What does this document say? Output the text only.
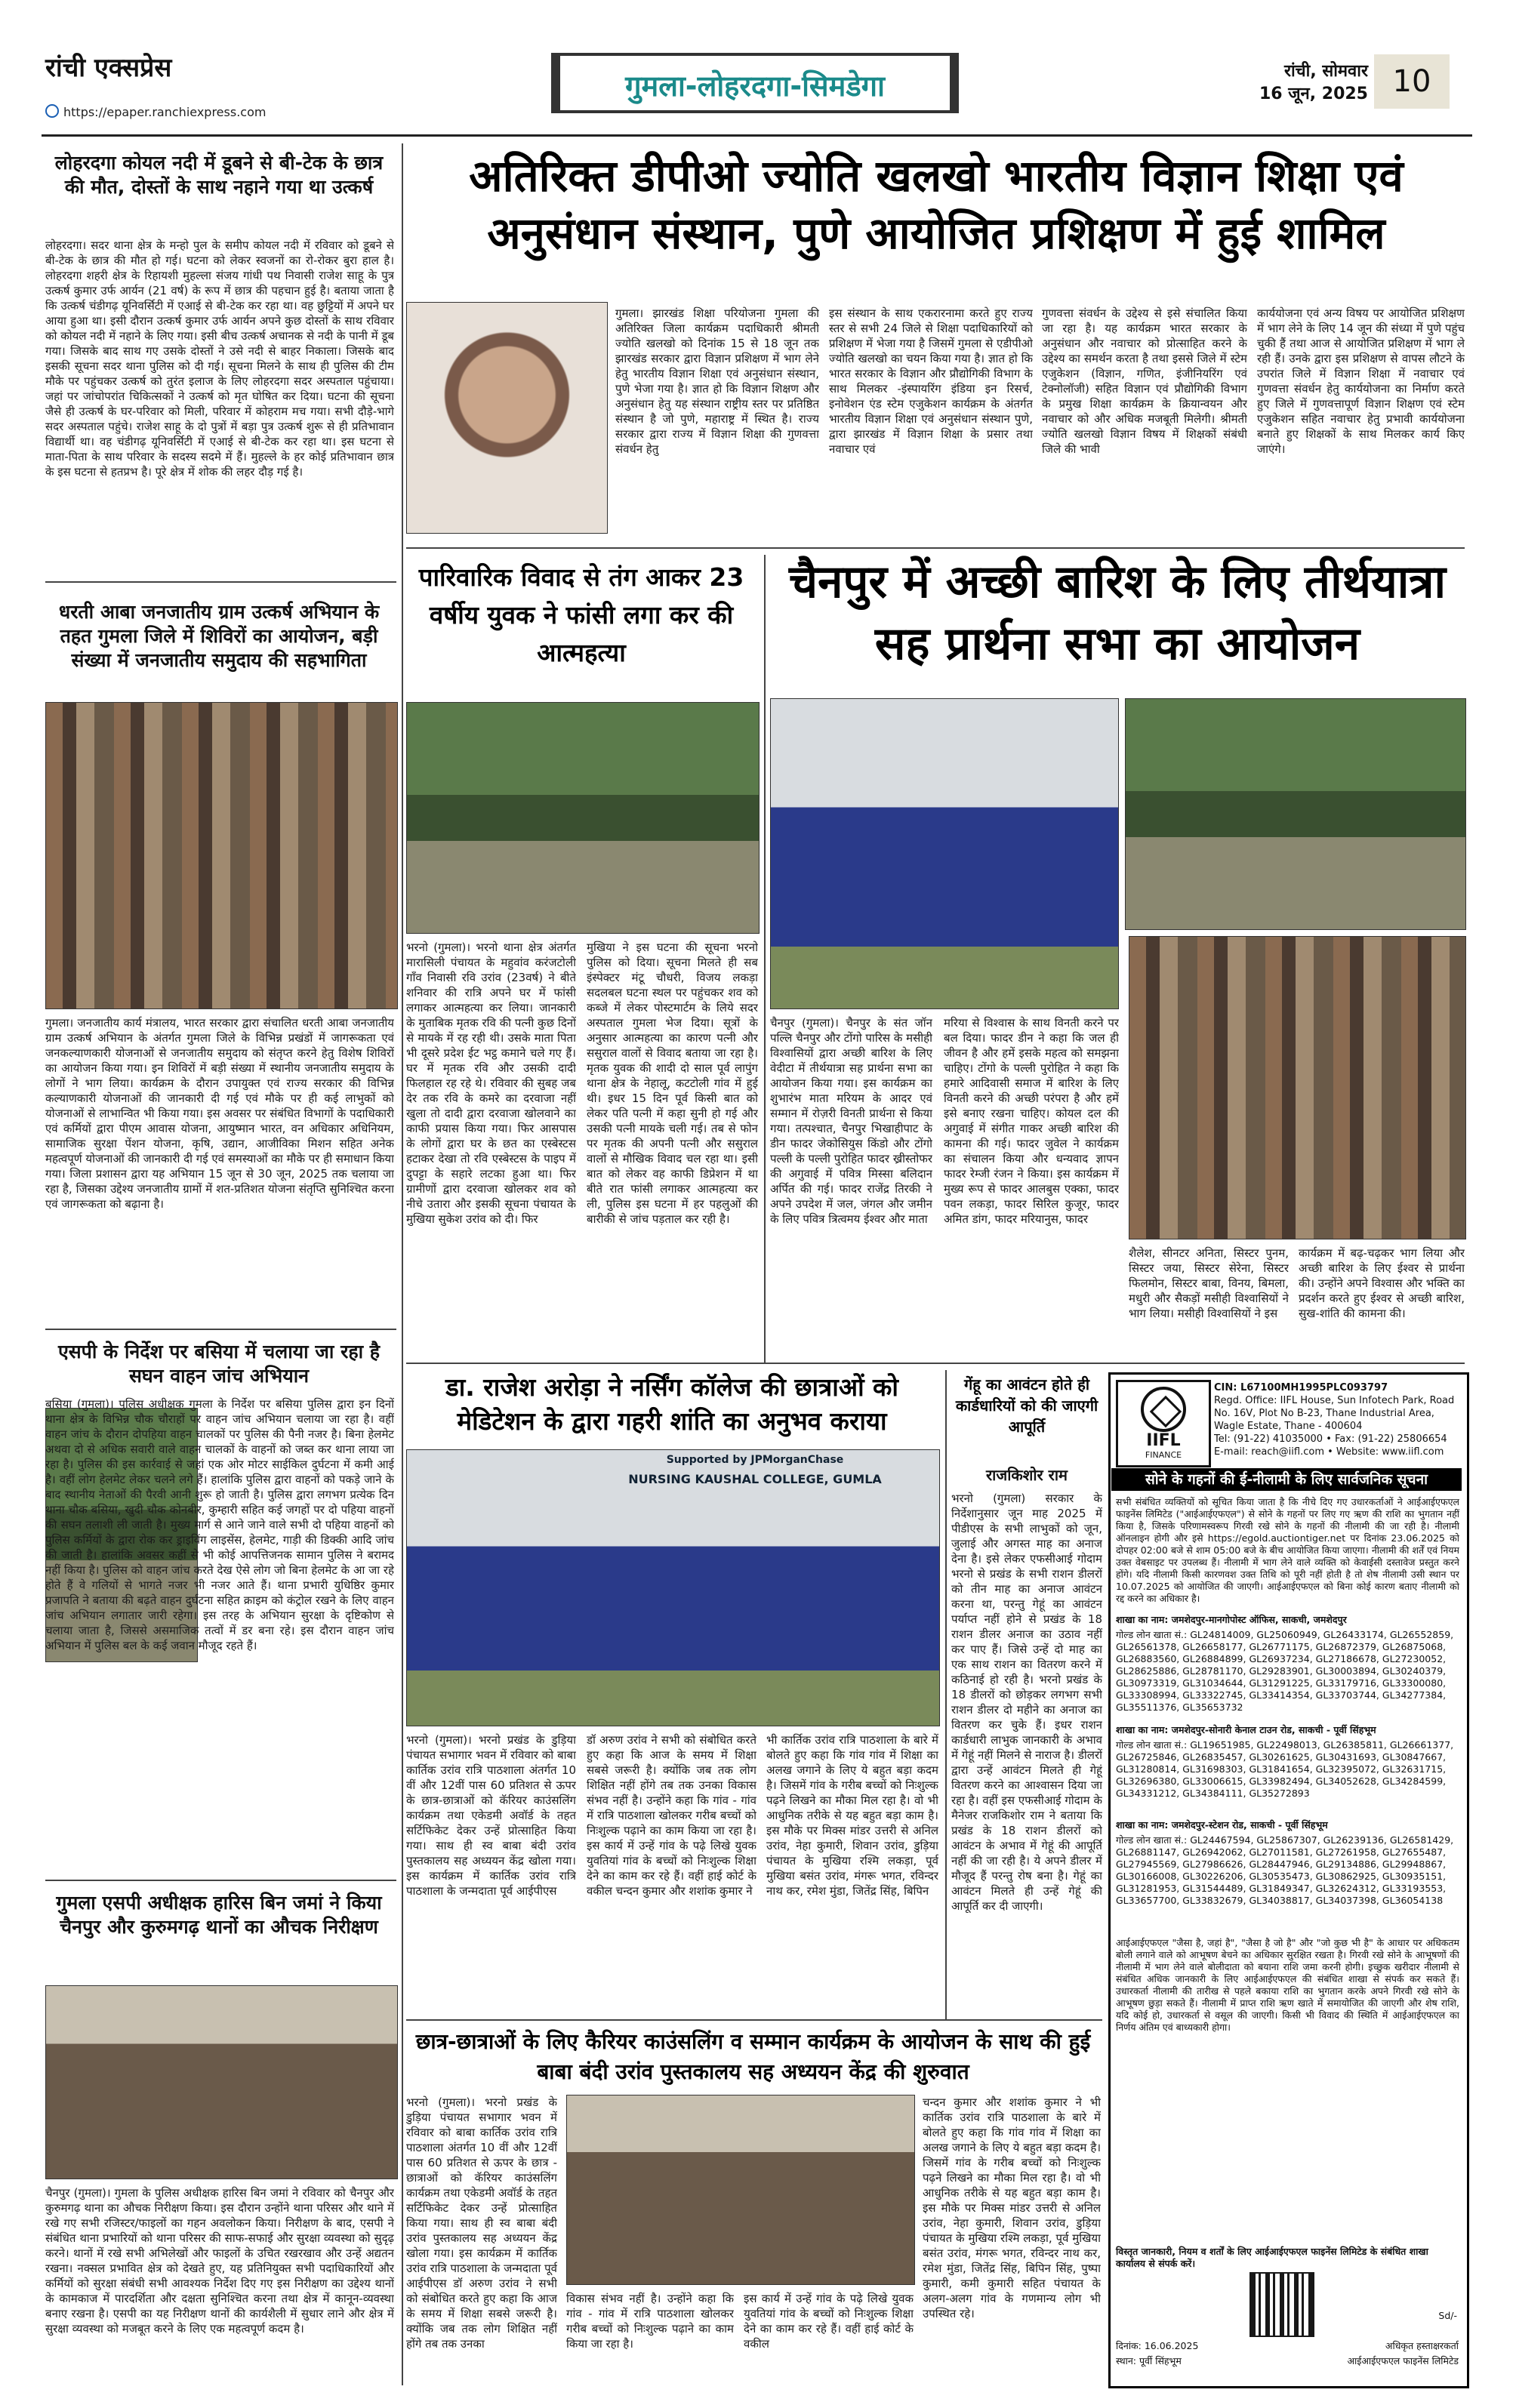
रांची एक्सप्रेस
https://epaper.ranchiexpress.com
गुमला-लोहरदगा-सिमडेगा	रांची, सोमवार
16 जून, 2025 10
लोहरदगा कोयल नदी में डूबने से बी-टेक के छात्र की मौत, दोस्तों के साथ नहाने गया था उत्कर्ष
लोहरदगा। सदर थाना क्षेत्र के मन्हो पुल के समीप कोयल नदी में रविवार को डूबने से बी-टेक के छात्र की मौत हो गई। घटना को लेकर स्वजनों का रो-रोकर बुरा हाल है। लोहरदगा शहरी क्षेत्र के रिहायशी मुहल्ला संजय गांधी पथ निवासी राजेश साहू के पुत्र उत्कर्ष कुमार उर्फ आर्यन (21 वर्ष) के रूप में छात्र की पहचान हुई है। बताया जाता है कि उत्कर्ष चंडीगढ़ यूनिवर्सिटी में एआई से बी-टेक कर रहा था। वह छुट्टियों में अपने घर आया हुआ था। इसी दौरान उत्कर्ष कुमार उर्फ आर्यन अपने कुछ दोस्तों के साथ रविवार को कोयल नदी में नहाने के लिए गया। इसी बीच उत्कर्ष अचानक से नदी के पानी में डूब गया। जिसके बाद साथ गए उसके दोस्तों ने उसे नदी से बाहर निकाला। जिसके बाद इसकी सूचना सदर थाना पुलिस को दी गई। सूचना मिलने के साथ ही पुलिस की टीम मौके पर पहुंचकर उत्कर्ष को तुरंत इलाज के लिए लोहरदगा सदर अस्पताल पहुंचाया। जहां पर जांचोपरांत चिकित्सकों ने उत्कर्ष को मृत घोषित कर दिया। घटना की सूचना जैसे ही उत्कर्ष के घर-परिवार को मिली, परिवार में कोहराम मच गया। सभी दौड़े-भागे सदर अस्पताल पहुंचे। राजेश साहू के दो पुत्रों में बड़ा पुत्र उत्कर्ष शुरू से ही प्रतिभावान विद्यार्थी था। वह चंडीगढ़ यूनिवर्सिटी में एआई से बी-टेक कर रहा था। इस घटना से माता-पिता के साथ परिवार के सदस्य सदमे में हैं। मुहल्ले के हर कोई प्रतिभावान छात्र के इस घटना से हतप्रभ है। पूरे क्षेत्र में शोक की लहर दौड़ गई है।
धरती आबा जनजातीय ग्राम उत्कर्ष अभियान के तहत गुमला जिले में शिविरों का आयोजन, बड़ी संख्या में जनजातीय समुदाय की सहभागिता
गुमला। जनजातीय कार्य मंत्रालय, भारत सरकार द्वारा संचालित धरती आबा जनजातीय ग्राम उत्कर्ष अभियान के अंतर्गत गुमला जिले के विभिन्न प्रखंडों में जागरूकता एवं जनकल्याणकारी योजनाओं से जनजातीय समुदाय को संतृप्त करने हेतु विशेष शिविरों का आयोजन किया गया। इन शिविरों में बड़ी संख्या में स्थानीय जनजातीय समुदाय के लोगों ने भाग लिया। कार्यक्रम के दौरान उपायुक्त एवं राज्य सरकार की विभिन्न कल्याणकारी योजनाओं की जानकारी दी गई एवं मौके पर ही कई लाभुकों को योजनाओं से लाभान्वित भी किया गया। इस अवसर पर संबंधित विभागों के पदाधिकारी एवं कर्मियों द्वारा पीएम आवास योजना, आयुष्मान भारत, वन अधिकार अधिनियम, सामाजिक सुरक्षा पेंशन योजना, कृषि, उद्यान, आजीविका मिशन सहित अनेक महत्वपूर्ण योजनाओं की जानकारी दी गई एवं समस्याओं का मौके पर ही समाधान किया गया। जिला प्रशासन द्वारा यह अभियान 15 जून से 30 जून, 2025 तक चलाया जा रहा है, जिसका उद्देश्य जनजातीय ग्रामों में शत-प्रतिशत योजना संतृप्ति सुनिश्चित करना एवं जागरूकता को बढ़ाना है।
एसपी के निर्देश पर बसिया में चलाया जा रहा है सघन वाहन जांच अभियान
बसिया (गुमला)। पुलिस अधीक्षक गुमला के निर्देश पर बसिया पुलिस द्वारा इन दिनों थाना क्षेत्र के विभिन्न चौक चौराहों पर वाहन जांच अभियान चलाया जा रहा है। वहीं वाहन जांच के दौरान दोपहिया वाहन चालकों पर पुलिस की पैनी नजर है। बिना हेलमेट अथवा दो से अधिक सवारी वाले वाहन चालकों के वाहनों को जब्त कर थाना लाया जा रहा है। पुलिस की इस कार्रवाई से जहां एक ओर मोटर साईकिल दुर्घटना में कमी आई है। वहीं लोग हेलमेट लेकर चलने लगे हैं। हालांकि पुलिस द्वारा वाहनों को पकड़े जाने के बाद स्थानीय नेताओं की पैरवी आनी शुरू हो जाती है। पुलिस द्वारा लगभग प्रत्येक दिन थाना चौक बसिया, खुदी चौक कोनबीर, कुम्हारी सहित कई जगहों पर दो पहिया वाहनों की सघन तलाशी ली जाती है। मुख्य मार्ग से आने जाने वाले सभी दो पहिया वाहनों को पुलिस कर्मियों के द्वारा रोक कर ड्राइविंग लाइसेंस, हेलमेट, गाड़ी की डिक्की आदि जांच की जाती है। हालांकि अवसर कहीं से भी कोई आपत्तिजनक सामान पुलिस ने बरामद नहीं किया है। पुलिस को वाहन जांच करते देख ऐसे लोग जो बिना हेलमेट के आ जा रहे होते हैं वे गलियों से भागते नजर भी नजर आते हैं। थाना प्रभारी युधिष्ठिर कुमार प्रजापति ने बताया की बढ़ते वाहन दुर्घटना सहित क्राइम को कंट्रोल रखने के लिए वाहन जांच अभियान लगातार जारी रहेगा। इस तरह के अभियान सुरक्षा के दृष्टिकोण से चलाया जाता है, जिससे असमाजिक तत्वों में डर बना रहे। इस दौरान वाहन जांच अभियान में पुलिस बल के कई जवान मौजूद रहते हैं।
गुमला एसपी अधीक्षक हारिस बिन जमां ने किया चैनपुर और कुरुमगढ़ थानों का औचक निरीक्षण
चैनपुर (गुमला)। गुमला के पुलिस अधीक्षक हारिस बिन जमां ने रविवार को चैनपुर और कुरुमगढ़ थाना का औचक निरीक्षण किया। इस दौरान उन्होंने थाना परिसर और थाने में रखे गए सभी रजिस्टर/फाइलों का गहन अवलोकन किया। निरीक्षण के बाद, एसपी ने संबंधित थाना प्रभारियों को थाना परिसर की साफ-सफाई और सुरक्षा व्यवस्था को सुदृढ़ करने। थानों में रखे सभी अभिलेखों और फाइलों के उचित रखरखाव और उन्हें अद्यतन रखना। नक्सल प्रभावित क्षेत्र को देखते हुए, यह प्रतिनियुक्त सभी पदाधिकारियों और कर्मियों को सुरक्षा संबंधी सभी आवश्यक निर्देश दिए गए इस निरीक्षण का उद्देश्य थानों के कामकाज में पारदर्शिता और दक्षता सुनिश्चित करना तथा क्षेत्र में कानून-व्यवस्था बनाए रखना है। एसपी का यह निरीक्षण थानों की कार्यशैली में सुधार लाने और क्षेत्र में सुरक्षा व्यवस्था को मजबूत करने के लिए एक महत्वपूर्ण कदम है।
अतिरिक्त डीपीओ ज्योति खलखो भारतीय विज्ञान शिक्षा एवं अनुसंधान संस्थान, पुणे आयोजित प्रशिक्षण में हुई शामिल
गुमला। झारखंड शिक्षा परियोजना गुमला की अतिरिक्त जिला कार्यक्रम पदाधिकारी श्रीमती ज्योति खलखो को दिनांक 15 से 18 जून तक झारखंड सरकार द्वारा विज्ञान प्रशिक्षण में भाग लेने हेतु भारतीय विज्ञान शिक्षा एवं अनुसंधान संस्थान, पुणे भेजा गया है। ज्ञात हो कि विज्ञान शिक्षण और अनुसंधान हेतु यह संस्थान राष्ट्रीय स्तर पर प्रतिष्ठित संस्थान है जो पुणे, महाराष्ट्र में स्थित है। राज्य सरकार द्वारा राज्य में विज्ञान शिक्षा की गुणवत्ता संवर्धन हेतु
इस संस्थान के साथ एकरारनामा करते हुए राज्य स्तर से सभी 24 जिले से शिक्षा पदाधिकारियों को प्रशिक्षण में भेजा गया है जिसमें गुमला से एडीपीओ ज्योति खलखो का चयन किया गया है। ज्ञात हो कि भारत सरकार के विज्ञान और प्रौद्योगिकी विभाग के साथ मिलकर -इंस्पायरिंग इंडिया इन रिसर्च, इनोवेशन एंड स्टेम एजुकेशन कार्यक्रम के अंतर्गत भारतीय विज्ञान शिक्षा एवं अनुसंधान संस्थान पुणे, द्वारा झारखंड में विज्ञान शिक्षा के प्रसार तथा नवाचार एवं
गुणवत्ता संवर्धन के उद्देश्य से इसे संचालित किया जा रहा है। यह कार्यक्रम भारत सरकार के अनुसंधान और नवाचार को प्रोत्साहित करने के उद्देश्य का समर्थन करता है तथा इससे जिले में स्टेम एजुकेशन (विज्ञान, गणित, इंजीनियरिंग एवं टेक्नोलॉजी) सहित विज्ञान एवं प्रौद्योगिकी विभाग के प्रमुख शिक्षा कार्यक्रम के क्रियान्वयन और नवाचार को और अधिक मजबूती मिलेगी। श्रीमती ज्योति खलखो विज्ञान विषय में शिक्षकों संबंधी जिले की भावी
कार्ययोजना एवं अन्य विषय पर आयोजित प्रशिक्षण में भाग लेने के लिए 14 जून की संध्या में पुणे पहुंच चुकी हैं तथा आज से आयोजित प्रशिक्षण में भाग ले रही हैं। उनके द्वारा इस प्रशिक्षण से वापस लौटने के उपरांत जिले में विज्ञान शिक्षा में नवाचार एवं गुणवत्ता संवर्धन हेतु कार्ययोजना का निर्माण करते हुए जिले में गुणवत्तापूर्ण विज्ञान शिक्षण एवं स्टेम एजुकेशन सहित नवाचार हेतु प्रभावी कार्ययोजना बनाते हुए शिक्षकों के साथ मिलकर कार्य किए जाएंगे।
पारिवारिक विवाद से तंग आकर 23 वर्षीय युवक ने फांसी लगा कर की आत्महत्या
भरनो (गुमला)। भरनो थाना क्षेत्र अंतर्गत मारासिली पंचायत के महुवांव करंजटोली गाँव निवासी रवि उरांव (23वर्ष) ने बीते शनिवार की रात्रि अपने घर में फांसी लगाकर आत्महत्या कर लिया। जानकारी के मुताबिक मृतक रवि की पत्नी कुछ दिनों से मायके में रह रही थी। उसके माता पिता भी दूसरे प्रदेश ईट भट्ठ कमाने चले गए हैं। घर में मृतक रवि और उसकी दादी फिलहाल रह रहे थे। रविवार की सुबह जब देर तक रवि के कमरे का दरवाजा नहीं खुला तो दादी द्वारा दरवाजा खोलवाने का काफी प्रयास किया गया। फिर आसपास के लोगों द्वारा घर के छत का एस्बेस्टस हटाकर देखा तो रवि एस्बेस्टस के पाइप में दुपट्टा के सहारे लटका हुआ था। फिर ग्रामीणों द्वारा दरवाजा खोलकर शव को नीचे उतारा और इसकी सूचना पंचायत के मुखिया सुकेश उरांव को दी। फिर
मुखिया ने इस घटना की सूचना भरनो पुलिस को दिया। सूचना मिलते ही सब इंस्पेक्टर मंटू चौधरी, विजय लकड़ा सदलबल घटना स्थल पर पहुंचकर शव को कब्जे में लेकर पोस्टमार्टम के लिये सदर अस्पताल गुमला भेज दिया। सूत्रों के अनुसार आत्महत्या का कारण पत्नी और ससुराल वालों से विवाद बताया जा रहा है। मृतक युवक की शादी दो साल पूर्व लापुंग थाना क्षेत्र के नेहालू, कटटोली गांव में हुई थी। इधर 15 दिन पूर्व किसी बात को लेकर पति पत्नी में कहा सुनी हो गई और उसकी पत्नी मायके चली गई। तब से फोन पर मृतक की अपनी पत्नी और ससुराल वालों से मौखिक विवाद चल रहा था। इसी बात को लेकर वह काफी डिप्रेशन में था बीते रात फांसी लगाकर आत्महत्या कर ली, पुलिस इस घटना में हर पहलुओं की बारीकी से जांच पड़ताल कर रही है।
चैनपुर में अच्छी बारिश के लिए तीर्थयात्रा सह प्रार्थना सभा का आयोजन
चैनपुर (गुमला)। चैनपुर के संत जॉन पल्लि चैनपुर और टोंगो पारिस के मसीही विश्वासियों द्वारा अच्छी बारिश के लिए वेदीटा में तीर्थयात्रा सह प्रार्थना सभा का आयोजन किया गया। इस कार्यक्रम का शुभारंभ माता मरियम के आदर एवं सम्मान में रोज़री विनती प्रार्थना से किया गया। तत्पश्चात, चैनपुर भिखाहीपाट के डीन फादर जेकोसियुस किंडो और टोंगो पल्ली के पल्ली पुरोहित फादर ख्रीस्तोफर की अगुवाई में पवित्र मिस्सा बलिदान अर्पित की गई। फादर राजेंद्र तिरकी ने अपने उपदेश में जल, जंगल और जमीन के लिए पवित्र त्रित्वमय ईश्वर और माता
मरिया से विश्वास के साथ विनती करने पर बल दिया। फादर डीन ने कहा कि जल ही जीवन है और हमें इसके महत्व को समझना चाहिए। टोंगो के पल्ली पुरोहित ने कहा कि हमारे आदिवासी समाज में बारिश के लिए विनती करने की अच्छी परंपरा है और हमें इसे बनाए रखना चाहिए। कोयल दल की अगुवाई में संगीत गाकर अच्छी बारिश की कामना की गई। फादर जुवेल ने कार्यक्रम का संचालन किया और धन्यवाद ज्ञापन फादर रेम्जी रंजन ने किया। इस कार्यक्रम में मुख्य रूप से फादर आलबुस एक्का, फादर पवन लकड़ा, फादर सिरिल कुजूर, फादर अमित डांग, फादर मरियानुस, फादर
शैलेश, सीनटर अनिता, सिस्टर पुनम, सिस्टर जया, सिस्टर सेरेना, सिस्टर फिलमोन, सिस्टर बाबा, विनय, बिमला, मधुरी और सैकड़ों मसीही विश्वासियों ने भाग लिया। मसीही विश्वासियों ने इस
कार्यक्रम में बढ़-चढ़कर भाग लिया और अच्छी बारिश के लिए ईश्वर से प्रार्थना की। उन्होंने अपने विश्वास और भक्ति का प्रदर्शन करते हुए ईश्वर से अच्छी बारिश, सुख-शांति की कामना की।
डा. राजेश अरोड़ा ने नर्सिंग कॉलेज की छात्राओं को मेडिटेशन के द्वारा गहरी शांति का अनुभव कराया
Supported by JPMorganChase
NURSING KAUSHAL COLLEGE, GUMLA
भरनो (गुमला)। भरनो प्रखंड के डुड़िया पंचायत सभागार भवन में रविवार को बाबा कार्तिक उरांव रात्रि पाठशाला अंतर्गत 10 वीं और 12वीं पास 60 प्रतिशत से ऊपर के छात्र-छात्राओं को कॅरियर काउंसलिंग कार्यक्रम तथा एकेडमी अवॉर्ड के तहत सर्टिफिकेट देकर उन्हें प्रोत्साहित किया गया। साथ ही स्व बाबा बंदी उरांव पुस्तकालय सह अध्ययन केंद्र खोला गया। इस कार्यक्रम में कार्तिक उरांव रात्रि पाठशाला के जन्मदाता पूर्व आईपीएस
डॉ अरुण उरांव ने सभी को संबोधित करते हुए कहा कि आज के समय में शिक्षा सबसे जरूरी है। क्योंकि जब तक लोग शिक्षित नहीं होंगे तब तक उनका विकास संभव नहीं है। उन्होंने कहा कि गांव - गांव में रात्रि पाठशाला खोलकर गरीब बच्चों को निःशुल्क पढ़ाने का काम किया जा रहा है। इस कार्य में उन्हें गांव के पढ़े लिखे युवक युवतियां गांव के बच्चों को निःशुल्क शिक्षा देने का काम कर रहे हैं। वहीं हाई कोर्ट के वकील चन्दन कुमार और शशांक कुमार ने
भी कार्तिक उरांव रात्रि पाठशाला के बारे में बोलते हुए कहा कि गांव गांव में शिक्षा का अलख जगाने के लिए ये बहुत बड़ा कदम है। जिसमें गांव के गरीब बच्चों को निःशुल्क पढ़ने लिखने का मौका मिल रहा है। वो भी आधुनिक तरीके से यह बहुत बड़ा काम है। इस मौके पर मिक्स मांडर उत्तरी से अनिल उरांव, नेहा कुमारी, शिवान उरांव, डुड़िया पंचायत के मुखिया रश्मि लकड़ा, पूर्व मुखिया बसंत उरांव, मंगरू भगत, रविन्दर नाथ कर, रमेश मुंडा, जितेंद्र सिंह, बिपिन
गेंहू का आवंटन होते ही कार्डधारियों को की जाएगी आपूर्ति
राजकिशोर राम
भरनो (गुमला) सरकार के निर्देशानुसार जून माह 2025 में पीडीएस के सभी लाभुकों को जून, जुलाई और अगस्त माह का अनाज देना है। इसे लेकर एफसीआई गोदाम भरनो से प्रखंड के सभी राशन डीलरों को तीन माह का अनाज आवंटन करना था, परन्तु गेहूं का आवंटन पर्याप्त नहीं होने से प्रखंड के 18 राशन डीलर अनाज का उठाव नहीं कर पाए हैं। जिसे उन्हें दो माह का एक साथ राशन का वितरण करने में कठिनाई हो रही है। भरनो प्रखंड के 18 डीलरों को छोड़कर लगभग सभी राशन डीलर दो महीने का अनाज का वितरण कर चुके हैं। इधर राशन कार्डधारी लाभुक जानकारी के अभाव में गेहूं नहीं मिलने से नाराज है। डीलरों द्वारा उन्हें आवंटन मिलते ही गेहूं वितरण करने का आश्वासन दिया जा रहा है। वहीं इस एफसीआई गोदाम के मैनेजर राजकिशोर राम ने बताया कि प्रखंड के 18 राशन डीलरों को आवंटन के अभाव में गेहूं की आपूर्ति नहीं की जा रही है। ये अपने डीलर में मौजूद हैं परन्तु रोष बना है। गेहूं का आवंटन मिलते ही उन्हें गेहूं की आपूर्ति कर दी जाएगी।
IIFL
FINANCE
CIN: L67100MH1995PLC093797
Regd. Office: IIFL House, Sun Infotech Park, Road No. 16V, Plot No B-23, Thane Industrial Area, Wagle Estate, Thane - 400604
Tel: (91-22) 41035000 • Fax: (91-22) 25806654
E-mail: reach@iifl.com • Website: www.iifl.com
सोने के गहनों की ई-नीलामी के लिए सार्वजनिक सूचना
सभी संबंधित व्यक्तियों को सूचित किया जाता है कि नीचे दिए गए उधारकर्ताओं ने आईआईएफएल फाइनेंस लिमिटेड ("आईआईएफएल") से सोने के गहनों पर लिए गए ऋण की राशि का भुगतान नहीं किया है, जिसके परिणामस्वरूप गिरवी रखे सोने के गहनों की नीलामी की जा रही है। नीलामी ऑनलाइन होगी और इसे https://egold.auctiontiger.net पर दिनांक 23.06.2025 को दोपहर 02:00 बजे से शाम 05:00 बजे के बीच आयोजित किया जाएगा। नीलामी की शर्तें एवं नियम उक्त वेबसाइट पर उपलब्ध हैं। नीलामी में भाग लेने वाले व्यक्ति को केवाईसी दस्तावेज प्रस्तुत करने होंगे। यदि नीलामी किसी कारणवश उक्त तिथि को पूरी नहीं होती है तो शेष नीलामी उसी स्थान पर 10.07.2025 को आयोजित की जाएगी। आईआईएफएल को बिना कोई कारण बताए नीलामी को रद्द करने का अधिकार है।
शाखा का नाम: जमशेदपुर-मानगोपोस्ट ऑफिस, साकची, जमशेदपुर
गोल्ड लोन खाता सं.: GL24814009, GL25060949, GL26433174, GL26552859, GL26561378, GL26658177, GL26771175, GL26872379, GL26875068, GL26883560, GL26884899, GL26937234, GL27186678, GL27230052, GL28625886, GL28781170, GL29283901, GL30003894, GL30240379, GL30973319, GL31034644, GL31291225, GL33179716, GL33300080, GL33308994, GL33322745, GL33414354, GL33703744, GL34277384, GL35511376, GL35653732
शाखा का नाम: जमशेदपुर-सोनारी केनाल टाउन रोड, साकची - पूर्वी सिंहभूम
गोल्ड लोन खाता सं.: GL19651985, GL22498013, GL26385811, GL26661377, GL26725846, GL26835457, GL30261625, GL30431693, GL30847667, GL31280814, GL31698303, GL31841654, GL32395072, GL32631715, GL32696380, GL33006615, GL33982494, GL34052628, GL34284599, GL34331212, GL34384111, GL35272893
शाखा का नाम: जमशेदपुर-स्टेशन रोड, साकची - पूर्वी सिंहभूम
गोल्ड लोन खाता सं.: GL24467594, GL25867307, GL26239136, GL26581429, GL26881147, GL26942062, GL27011581, GL27261958, GL27655487, GL27945569, GL27986626, GL28447946, GL29134886, GL29948867, GL30166008, GL30226206, GL30535473, GL30862925, GL30935151, GL31281953, GL31544489, GL31849347, GL32624312, GL33193553, GL33657700, GL33832679, GL34038817, GL34037398, GL36054138
आईआईएफएल "जैसा है, जहां है", "जैसा है जो है" और "जो कुछ भी है" के आधार पर अधिकतम बोली लगाने वाले को आभूषण बेचने का अधिकार सुरक्षित रखता है। गिरवी रखे सोने के आभूषणों की नीलामी में भाग लेने वाले बोलीदाता को बयाना राशि जमा करनी होगी। इच्छुक खरीदार नीलामी से संबंधित अधिक जानकारी के लिए आईआईएफएल की संबंधित शाखा से संपर्क कर सकते हैं। उधारकर्ता नीलामी की तारीख से पहले बकाया राशि का भुगतान करके अपने गिरवी रखे सोने के आभूषण छुड़ा सकते हैं। नीलामी में प्राप्त राशि ऋण खाते में समायोजित की जाएगी और शेष राशि, यदि कोई हो, उधारकर्ता से वसूल की जाएगी। किसी भी विवाद की स्थिति में आईआईएफएल का निर्णय अंतिम एवं बाध्यकारी होगा।
विस्तृत जानकारी, नियम व शर्तों के लिए आईआईएफएल फाइनेंस लिमिटेड के संबंधित शाखा कार्यालय से संपर्क करें।
दिनांक: 16.06.2025
स्थान: पूर्वी सिंहभूम
Sd/-
अधिकृत हस्ताक्षरकर्ता
आईआईएफएल फाइनेंस लिमिटेड
छात्र-छात्राओं के लिए कैरियर काउंसलिंग व सम्मान कार्यक्रम के आयोजन के साथ की हुई बाबा बंदी उरांव पुस्तकालय सह अध्ययन केंद्र की शुरुवात
भरनो (गुमला)। भरनो प्रखंड के डुड़िया पंचायत सभागार भवन में रविवार को बाबा कार्तिक उरांव रात्रि पाठशाला अंतर्गत 10 वीं और 12वीं पास 60 प्रतिशत से ऊपर के छात्र - छात्राओं को कॅरियर काउंसलिंग कार्यक्रम तथा एकेडमी अवॉर्ड के तहत सर्टिफिकेट देकर उन्हें प्रोत्साहित किया गया। साथ ही स्व बाबा बंदी उरांव पुस्तकालय सह अध्ययन केंद्र खोला गया। इस कार्यक्रम में कार्तिक उरांव रात्रि पाठशाला के जन्मदाता पूर्व आईपीएस डॉ अरुण उरांव ने सभी को संबोधित करते हुए कहा कि आज के समय में शिक्षा सबसे जरूरी है। क्योंकि जब तक लोग शिक्षित नहीं होंगे तब तक उनका
विकास संभव नहीं है। उन्होंने कहा कि गांव - गांव में रात्रि पाठशाला खोलकर गरीब बच्चों को निःशुल्क पढ़ाने का काम किया जा रहा है।
इस कार्य में उन्हें गांव के पढ़े लिखे युवक युवतियां गांव के बच्चों को निःशुल्क शिक्षा देने का काम कर रहे हैं। वहीं हाई कोर्ट के वकील
चन्दन कुमार और शशांक कुमार ने भी कार्तिक उरांव रात्रि पाठशाला के बारे में बोलते हुए कहा कि गांव गांव में शिक्षा का अलख जगाने के लिए ये बहुत बड़ा कदम है। जिसमें गांव के गरीब बच्चों को निःशुल्क पढ़ने लिखने का मौका मिल रहा है। वो भी आधुनिक तरीके से यह बहुत बड़ा काम है। इस मौके पर मिक्स मांडर उत्तरी से अनिल उरांव, नेहा कुमारी, शिवान उरांव, डुड़िया पंचायत के मुखिया रश्मि लकड़ा, पूर्व मुखिया बसंत उरांव, मंगरू भगत, रविन्दर नाथ कर, रमेश मुंडा, जितेंद्र सिंह, बिपिन सिंह, पुष्पा कुमारी, कमी कुमारी सहित पंचायत के अलग-अलग गांव के गणमान्य लोग भी उपस्थित रहे।
